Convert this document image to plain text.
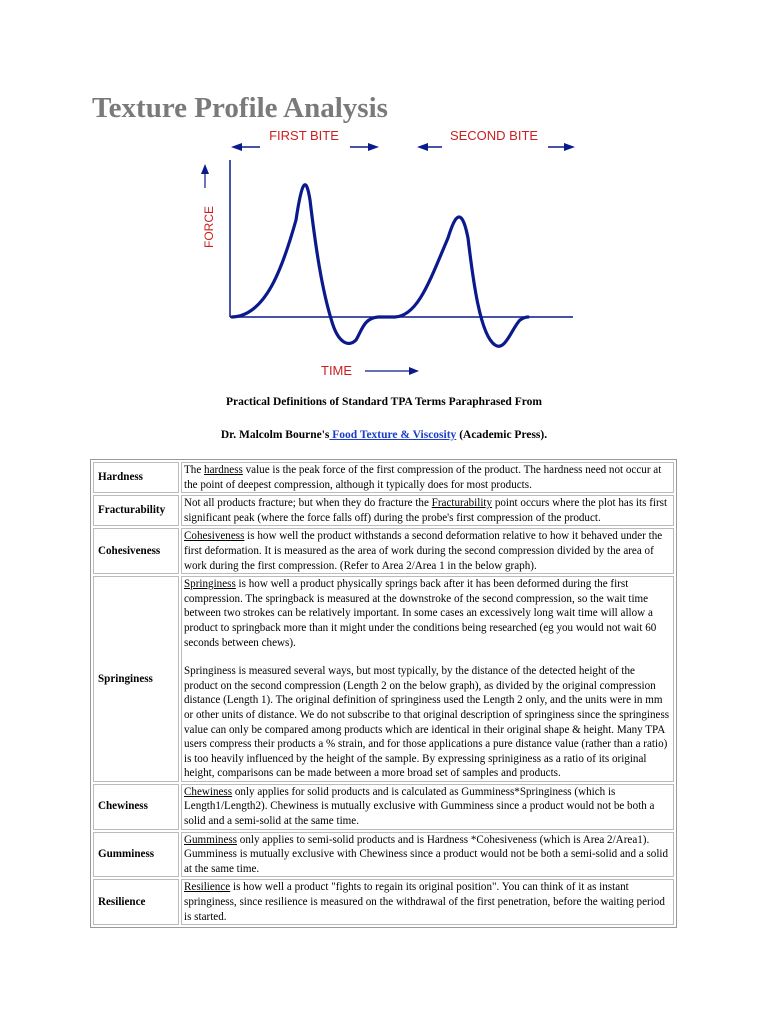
Texture Profile Analysis
FIRST BITE	SECOND BITE
FORCE
TIME
Practical Definitions of Standard TPA Terms Paraphrased From
Dr. Malcolm Bourne's Food Texture & Viscosity (Academic Press).
Hardness	The hardness value is the peak force of the first compression of the product. The hardness need not occur at the point of deepest compression, although it typically does for most products.
Fracturability	Not all products fracture; but when they do fracture the Fracturability point occurs where the plot has its first significant peak (where the force falls off) during the probe's first compression of the product.
Cohesiveness	Cohesiveness is how well the product withstands a second deformation relative to how it behaved under the first deformation. It is measured as the area of work during the second compression divided by the area of work during the first compression. (Refer to Area 2/Area 1 in the below graph).
Springiness	Springiness is how well a product physically springs back after it has been deformed during the first compression. The springback is measured at the downstroke of the second compression, so the wait time between two strokes can be relatively important. In some cases an excessively long wait time will allow a product to springback more than it might under the conditions being researched (eg you would not wait 60 seconds between chews).
Springiness is measured several ways, but most typically, by the distance of the detected height of the product on the second compression (Length 2 on the below graph), as divided by the original compression distance (Length 1). The original definition of springiness used the Length 2 only, and the units were in mm or other units of distance. We do not subscribe to that original description of springiness since the springiness value can only be compared among products which are identical in their original shape & height. Many TPA users compress their products a % strain, and for those applications a pure distance value (rather than a ratio) is too heavily influenced by the height of the sample. By expressing spriniginess as a ratio of its original height, comparisons can be made between a more broad set of samples and products.

Chewiness	Chewiness only applies for solid products and is calculated as Gumminess*Springiness (which is Length1/Length2). Chewiness is mutually exclusive with Gumminess since a product would not be both a solid and a semi-solid at the same time.
Gumminess	Gumminess only applies to semi-solid products and is Hardness *Cohesiveness (which is Area 2/Area1). Gumminess is mutually exclusive with Chewiness since a product would not be both a semi-solid and a solid at the same time.
Resilience	Resilience is how well a product "fights to regain its original position". You can think of it as instant springiness, since resilience is measured on the withdrawal of the first penetration, before the waiting period is started.
